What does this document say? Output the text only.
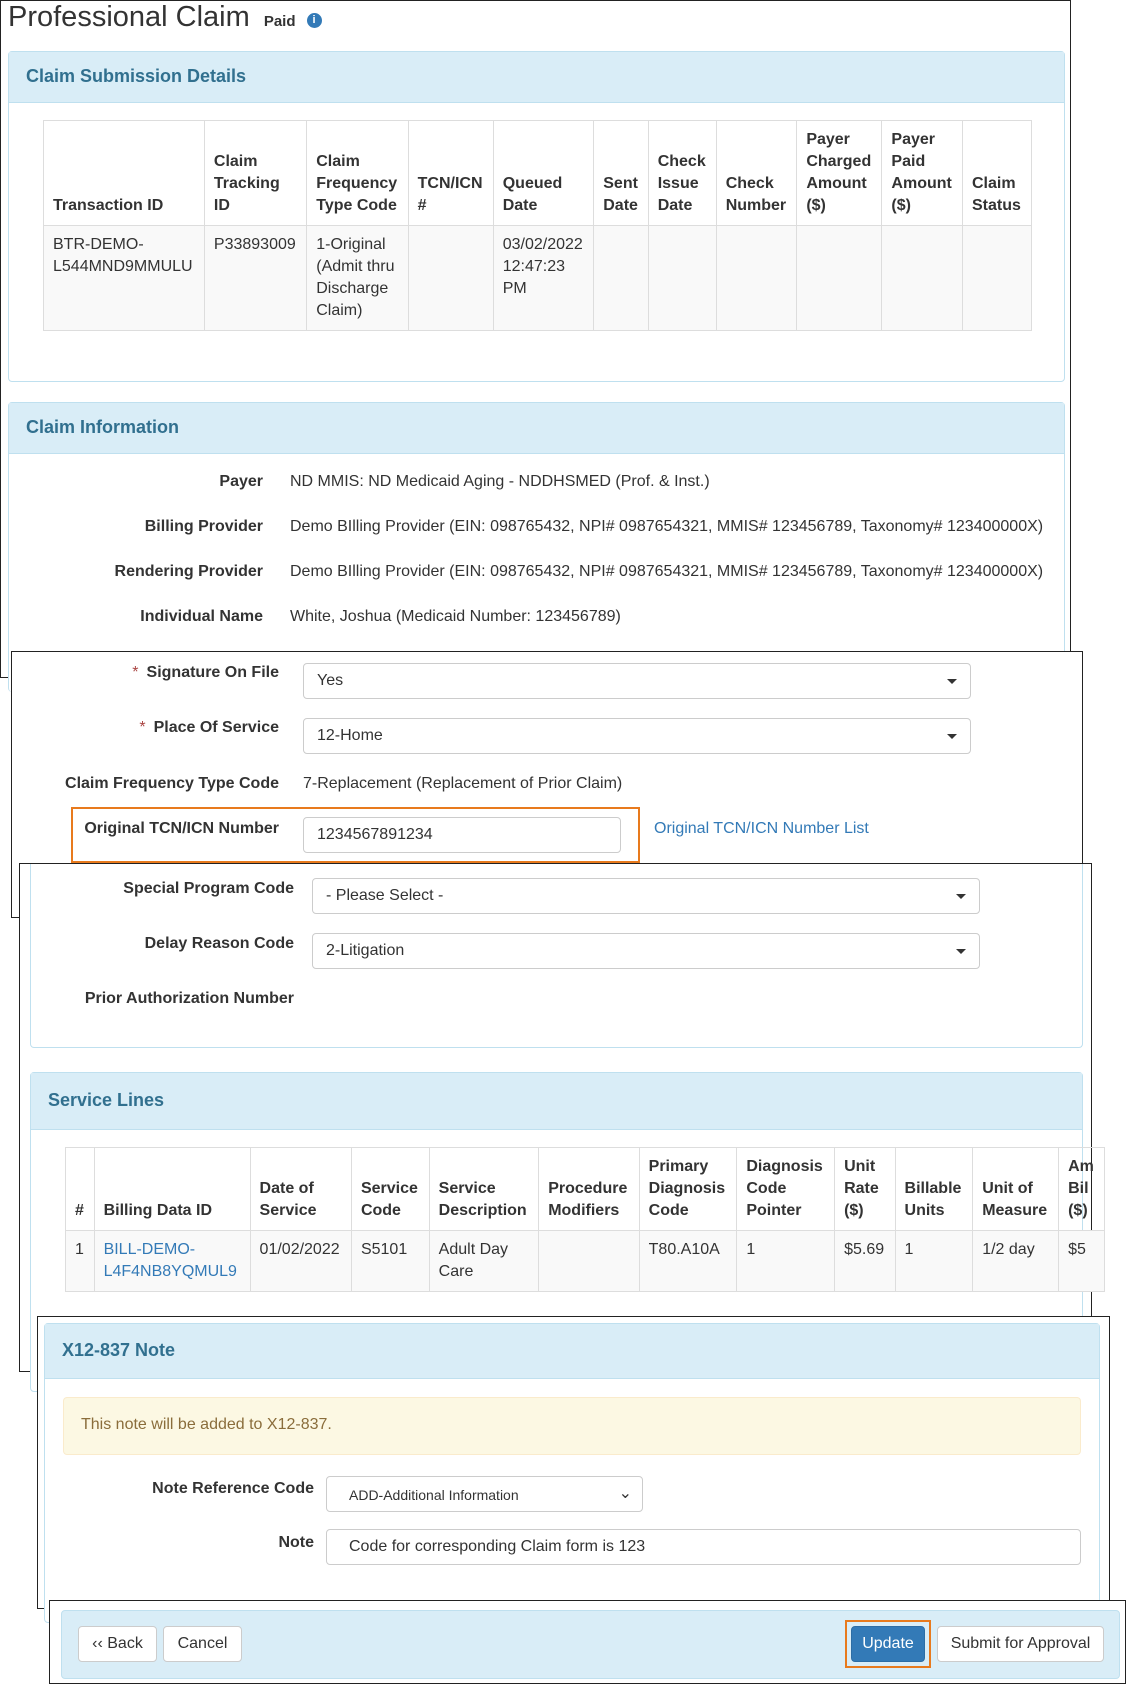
Professional Claim Paid i
Claim Submission Details
Transaction ID	Claim Tracking ID	Claim Frequency Type Code	TCN/ICN #	Queued Date	Sent Date	Check Issue Date	Check Number	Payer Charged Amount ($)	Payer Paid Amount ($)	Claim Status
BTR-DEMO-L544MND9MMULU	P33893009	1-Original (Admit thru Discharge Claim)		03/02/2022 12:47:23 PM						
Claim Information
Payer ND MMIS: ND Medicaid Aging - NDDHSMED (Prof. & Inst.)
Billing Provider Demo BIlling Provider (EIN: 098765432, NPI# 0987654321, MMIS# 123456789, Taxonomy# 123400000X)
Rendering Provider Demo BIlling Provider (EIN: 098765432, NPI# 0987654321, MMIS# 123456789, Taxonomy# 123400000X)
Individual Name White, Joshua (Medicaid Number: 123456789)
* Signature On File Yes
* Place Of Service 12-Home
Claim Frequency Type Code 7-Replacement (Replacement of Prior Claim)
Original TCN/ICN Number 1234567891234	Original TCN/ICN Number List
Special Program Code - Please Select -
Delay Reason Code 2-Litigation
Prior Authorization Number
Service Lines
#	Billing Data ID	Date of Service	Service Code	Service Description	Procedure Modifiers	Primary Diagnosis Code	Diagnosis Code Pointer	Unit Rate ($)	Billable Units	Unit of Measure	Am Bil ($)
1	BILL-DEMO-L4F4NB8YQMUL9	01/02/2022	S5101	Adult Day Care		T80.A10A	1	$5.69	1	1/2 day	$5
X12-837 Note
This note will be added to X12-837.
Note Reference Code	ADD-Additional Information	⌄
Note Code for corresponding Claim form is 123
‹‹ Back	Cancel	Update	Submit for Approval
